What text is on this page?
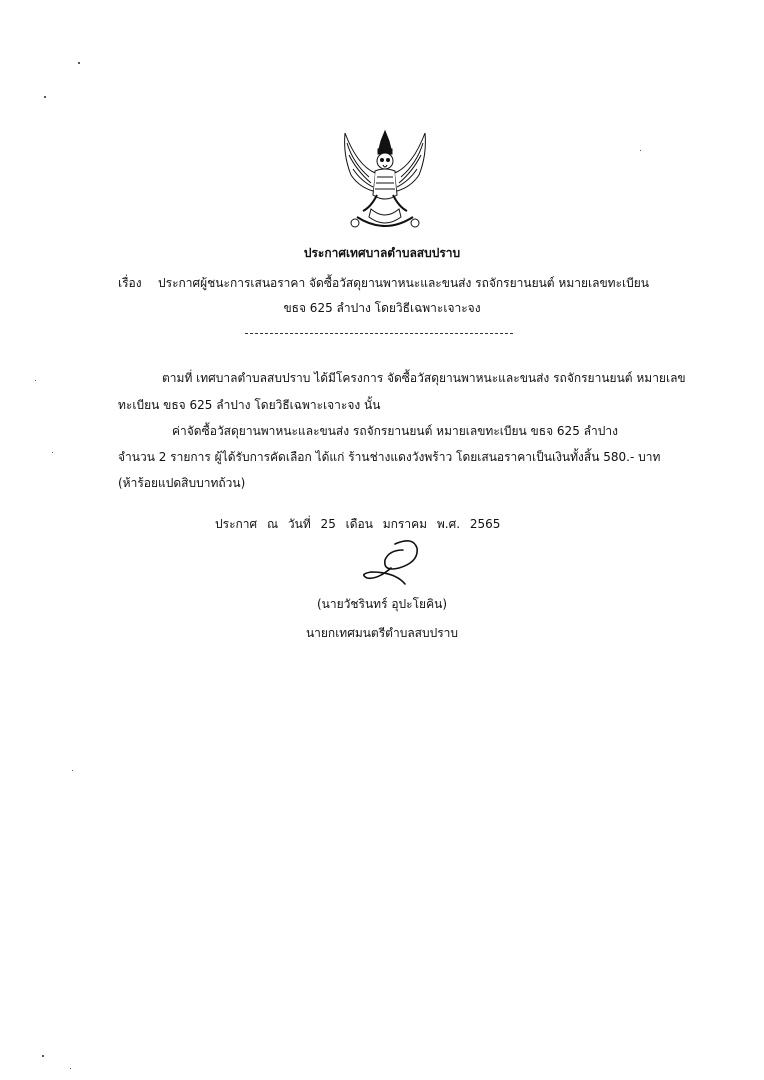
ประกาศเทศบาลตำบลสบปราบ
เรื่อง ประกาศผู้ชนะการเสนอราคา จัดซื้อวัสดุยานพาหนะและขนส่ง รถจักรยานยนต์ หมายเลขทะเบียน
ขธจ 625 ลำปาง โดยวิธีเฉพาะเจาะจง
ตามที่ เทศบาลตำบลสบปราบ ได้มีโครงการ จัดซื้อวัสดุยานพาหนะและขนส่ง รถจักรยานยนต์ หมายเลข
ทะเบียน ขธจ 625 ลำปาง โดยวิธีเฉพาะเจาะจง นั้น
ค่าจัดซื้อวัสดุยานพาหนะและขนส่ง รถจักรยานยนต์ หมายเลขทะเบียน ขธจ 625 ลำปาง
จำนวน 2 รายการ ผู้ได้รับการคัดเลือก ได้แก่ ร้านช่างแดงวังพร้าว โดยเสนอราคาเป็นเงินทั้งสิ้น 580.- บาท
(ห้าร้อยแปดสิบบาทถ้วน)
ประกาศ ณ วันที่ 25 เดือน มกราคม พ.ศ. 2565
(นายวัชรินทร์ อุปะโยคิน)
นายกเทศมนตรีตำบลสบปราบ
